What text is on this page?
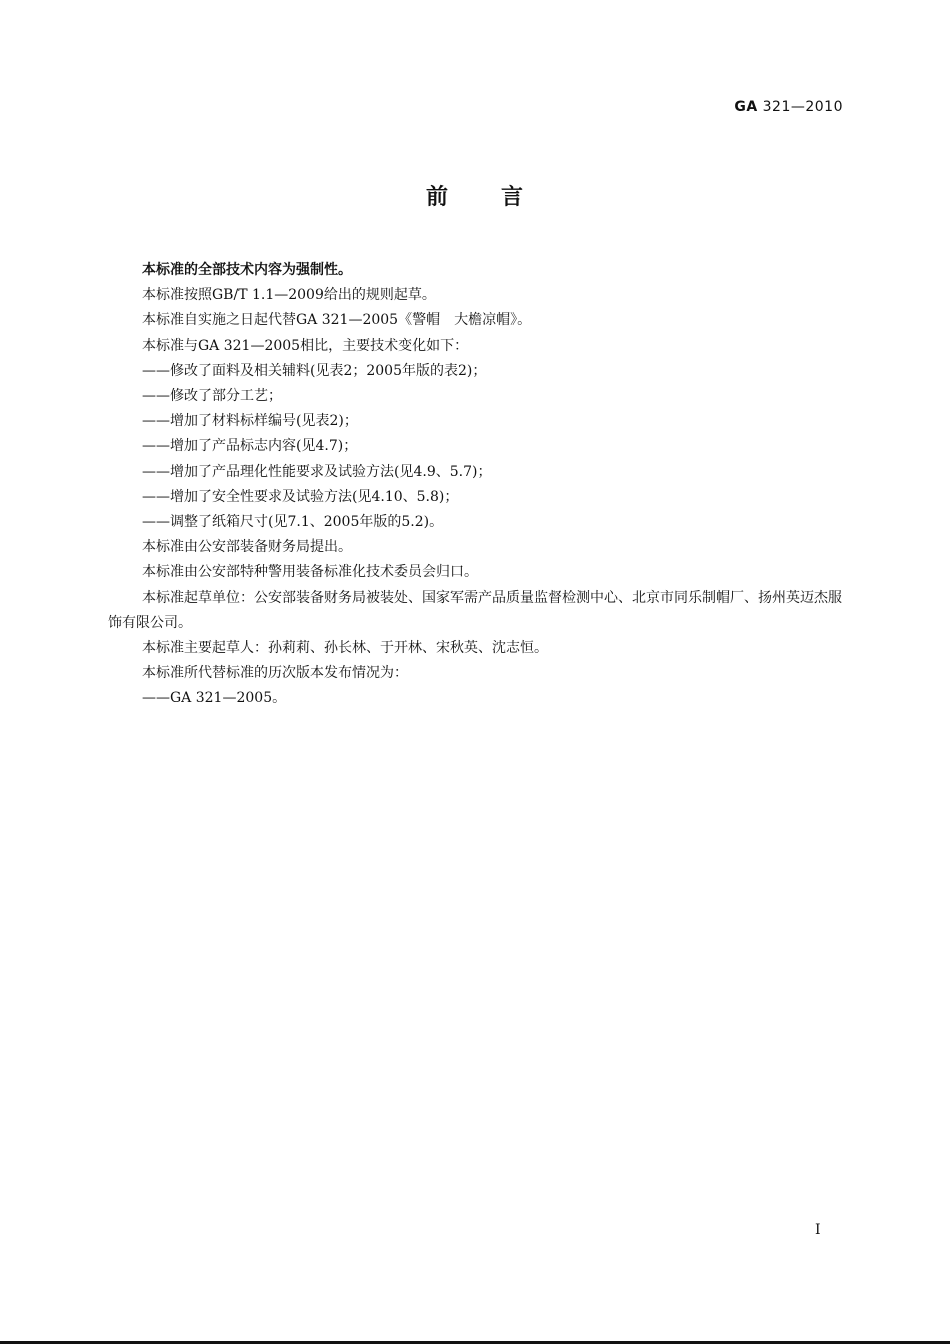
GA 321—2010
前 言

本标准的全部技术内容为强制性。

本标准按照GB/T 1.1—2009给出的规则起草。

本标准自实施之日起代替GA 321—2005《警帽　大檐凉帽》。

本标准与GA 321—2005相比，主要技术变化如下：

——修改了面料及相关辅料(见表2；2005年版的表2)；

——修改了部分工艺；

——增加了材料标样编号(见表2)；

——增加了产品标志内容(见4.7)；

——增加了产品理化性能要求及试验方法(见4.9、5.7)；

——增加了安全性要求及试验方法(见4.10、5.8)；

——调整了纸箱尺寸(见7.1、2005年版的5.2)。

本标准由公安部装备财务局提出。

本标准由公安部特种警用装备标准化技术委员会归口。

本标准起草单位：公安部装备财务局被装处、国家军需产品质量监督检测中心、北京市同乐制帽厂、扬州英迈杰服饰有限公司。

本标准主要起草人：孙莉莉、孙长林、于开林、宋秋英、沈志恒。

本标准所代替标准的历次版本发布情况为：

——GA 321—2005。

I
